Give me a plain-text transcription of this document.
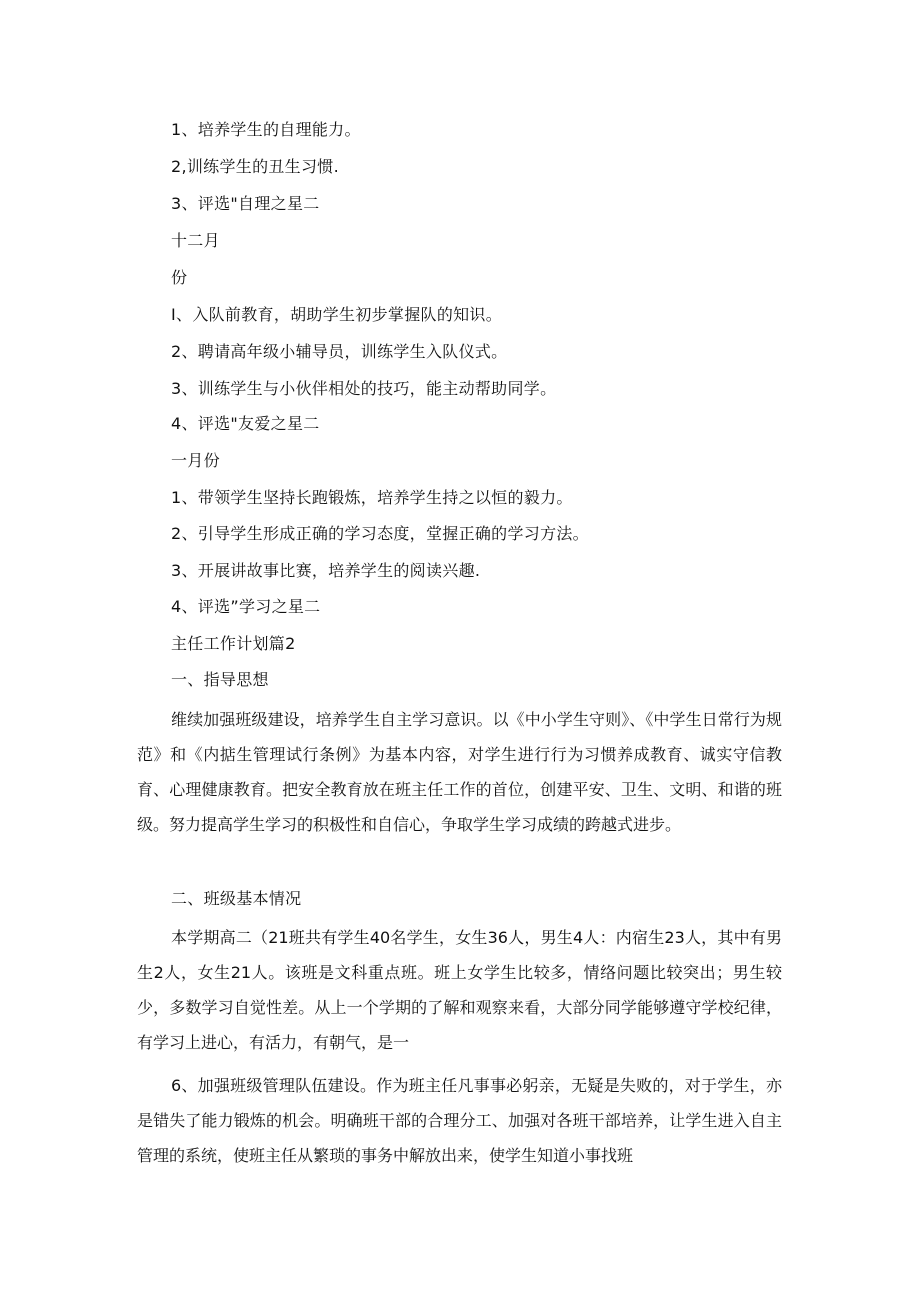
1、培养学生的自理能力。
2,训练学生的丑生习惯.
3、评选"自理之星二
十二月
份
I、入队前教育，胡助学生初步掌握队的知识。
2、聘请高年级小辅导员，训练学生入队仪式。
3、训练学生与小伙伴相处的技巧，能主动帮助同学。
4、评选"友爱之星二
一月份
1、带领学生坚持长跑锻炼，培养学生持之以恒的毅力。
2、引导学生形成正确的学习态度，堂握正确的学习方法。
3、开展讲故事比赛，培养学生的阅读兴趣.
4、评选”学习之星二
主任工作计划篇2
一、指导思想
维续加强班级建设，培养学生自主学习意识。以《中小学生守则》、《中学生日常行为规范》和《内掂生管理试行条例》为基本内容，对学生进行行为习惯养成教育、诚实守信教育、心理健康教育。把安全教育放在班主任工作的首位，创建平安、卫生、文明、和谐的班级。努力提高学生学习的积极性和自信心，争取学生学习成绩的跨越式进步。
二、班级基本情况
本学期高二（21班共有学生40名学生，女生36人，男生4人：内宿生23人，其中有男生2人，女生21人。该班是文科重点班。班上女学生比较多，情络问题比较突出；男生较少，多数学习自觉性差。从上一个学期的了解和观察来看，大部分同学能够遵守学校纪律，有学习上进心，有活力，有朝气，是一
6、加强班级管理队伍建设。作为班主任凡事事必躬亲，无疑是失败的，对于学生，亦是错失了能力锻炼的机会。明确班干部的合理分工、加强对各班干部培养，让学生进入自主管理的系统，使班主任从繁琐的事务中解放出来，使学生知道小事找班
